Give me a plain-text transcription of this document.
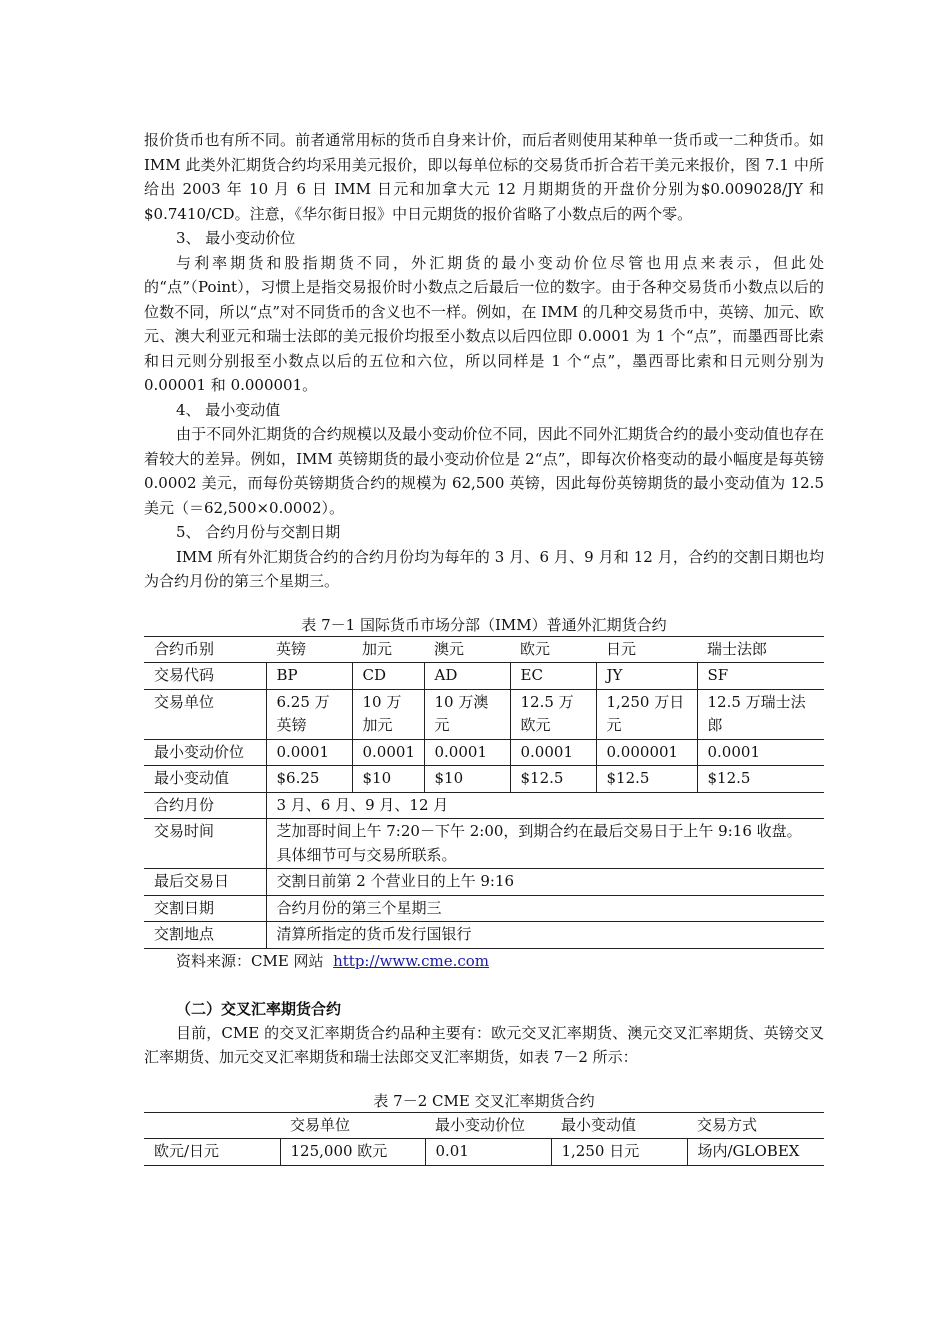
报价货币也有所不同。前者通常用标的货币自身来计价，而后者则使用某种单一货币或一二种货币。如 IMM 此类外汇期货合约均采用美元报价，即以每单位标的交易货币折合若干美元来报价，图 7.1 中所给出 2003 年 10 月 6 日 IMM 日元和加拿大元 12 月期期货的开盘价分别为$0.009028/JY 和$0.7410/CD。注意，《华尔街日报》中日元期货的报价省略了小数点后的两个零。

3、 最小变动价位

与利率期货和股指期货不同，外汇期货的最小变动价位尽管也用点来表示，但此处的“点”（Point），习惯上是指交易报价时小数点之后最后一位的数字。由于各种交易货币小数点以后的位数不同，所以“点”对不同货币的含义也不一样。例如，在 IMM 的几种交易货币中，英镑、加元、欧元、澳大利亚元和瑞士法郎的美元报价均报至小数点以后四位即 0.0001 为 1 个“点”，而墨西哥比索和日元则分别报至小数点以后的五位和六位，所以同样是 1 个“点”，墨西哥比索和日元则分别为 0.00001 和 0.000001。

4、 最小变动值

由于不同外汇期货的合约规模以及最小变动价位不同，因此不同外汇期货合约的最小变动值也存在着较大的差异。例如，IMM 英镑期货的最小变动价位是 2“点”，即每次价格变动的最小幅度是每英镑 0.0002 美元，而每份英镑期货合约的规模为 62,500 英镑，因此每份英镑期货的最小变动值为 12.5 美元（＝62,500×0.0002）。

5、 合约月份与交割日期

IMM 所有外汇期货合约的合约月份均为每年的 3 月、6 月、9 月和 12 月，合约的交割日期也均为合约月份的第三个星期三。

表 7－1 国际货币市场分部（IMM）普通外汇期货合约
合约币别	英镑	加元	澳元	欧元	日元	瑞士法郎
交易代码	BP	CD	AD	EC	JY	SF
交易单位	6.25 万英镑	10 万加元	10 万澳元	12.5 万欧元	1,250 万日元	12.5 万瑞士法郎
最小变动价位	0.0001	0.0001	0.0001	0.0001	0.000001	0.0001
最小变动值	$6.25	$10	$10	$12.5	$12.5	$12.5
合约月份	3 月、6 月、9 月、12 月					
交易时间	芝加哥时间上午 7:20－下午 2:00，到期合约在最后交易日于上午 9:16 收盘。具体细节可与交易所联系。					
最后交易日	交割日前第 2 个营业日的上午 9:16					
交割日期	合约月份的第三个星期三					
交割地点	清算所指定的货币发行国银行					
资料来源：CME 网站 http://www.cme.com
（二）交叉汇率期货合约

目前，CME 的交叉汇率期货合约品种主要有：欧元交叉汇率期货、澳元交叉汇率期货、英镑交叉汇率期货、加元交叉汇率期货和瑞士法郎交叉汇率期货，如表 7－2 所示：

表 7－2 CME 交叉汇率期货合约
	交易单位	最小变动价位	最小变动值	交易方式
欧元/日元	125,000 欧元	0.01	1,250 日元	场内/GLOBEX
